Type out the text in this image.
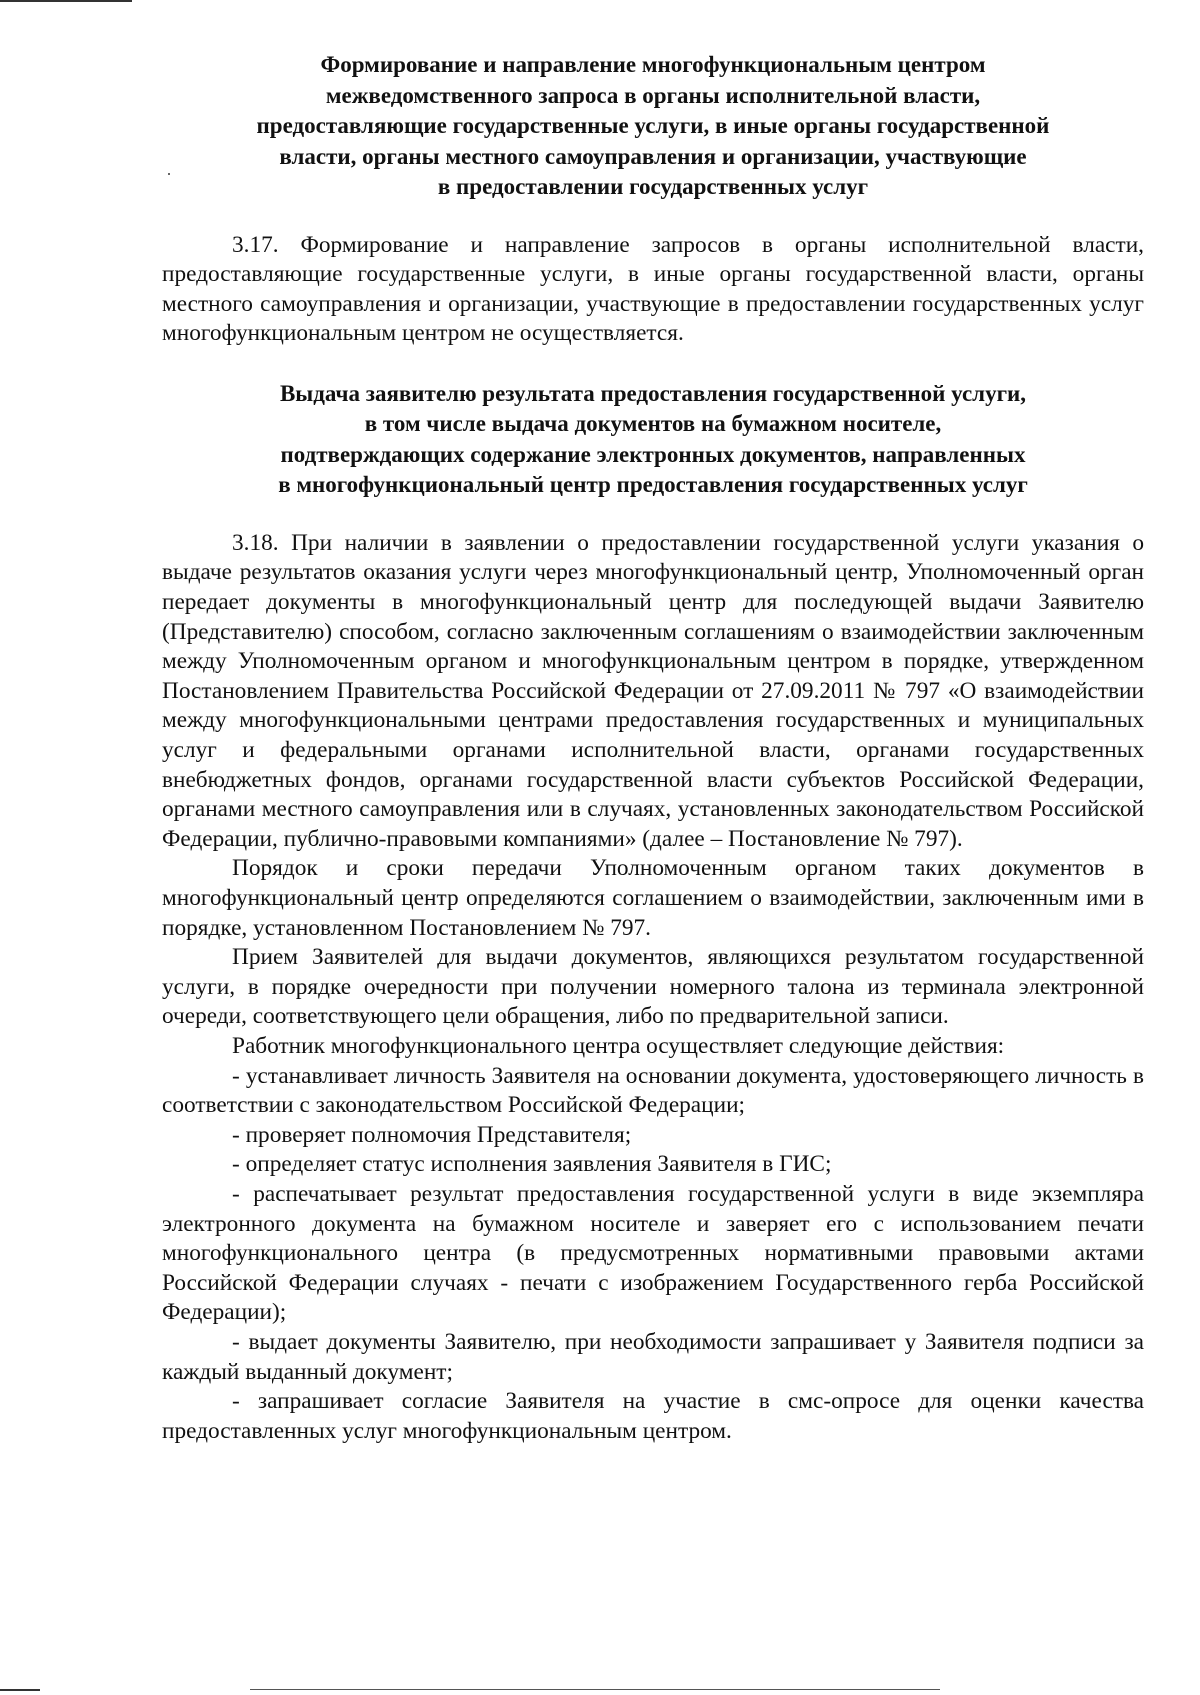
Формирование и направление многофункциональным центром
межведомственного запроса в органы исполнительной власти,
предоставляющие государственные услуги, в иные органы государственной
власти, органы местного самоуправления и организации, участвующие
в предоставлении государственных услуг

3.17. Формирование и направление запросов в органы исполнительной власти, предоставляющие государственные услуги, в иные органы государственной власти, органы местного самоуправления и организации, участвующие в предоставлении государственных услуг многофункциональным центром не осуществляется.

Выдача заявителю результата предоставления государственной услуги,
в том числе выдача документов на бумажном носителе,
подтверждающих содержание электронных документов, направленных
в многофункциональный центр предоставления государственных услуг

3.18. При наличии в заявлении о предоставлении государственной услуги указания о выдаче результатов оказания услуги через многофункциональный центр, Уполномоченный орган передает документы в многофункциональный центр для последующей выдачи Заявителю (Представителю) способом, согласно заключенным соглашениям о взаимодействии заключенным между Уполномоченным органом и многофункциональным центром в порядке, утвержденном Постановлением Правительства Российской Федерации от 27.09.2011 № 797 «О взаимодействии между многофункциональными центрами предоставления государственных и муниципальных услуг и федеральными органами исполнительной власти, органами государственных внебюджетных фондов, органами государственной власти субъектов Российской Федерации, органами местного самоуправления или в случаях, установленных законодательством Российской Федерации, публично-правовыми компаниями» (далее – Постановление № 797).

Порядок и сроки передачи Уполномоченным органом таких документов в многофункциональный центр определяются соглашением о взаимодействии, заключенным ими в порядке, установленном Постановлением № 797.

Прием Заявителей для выдачи документов, являющихся результатом государственной услуги, в порядке очередности при получении номерного талона из терминала электронной очереди, соответствующего цели обращения, либо по предварительной записи.

Работник многофункционального центра осуществляет следующие действия:

- устанавливает личность Заявителя на основании документа, удостоверяющего личность в соответствии с законодательством Российской Федерации;

- проверяет полномочия Представителя;

- определяет статус исполнения заявления Заявителя в ГИС;

- распечатывает результат предоставления государственной услуги в виде экземпляра электронного документа на бумажном носителе и заверяет его с использованием печати многофункционального центра (в предусмотренных нормативными правовыми актами Российской Федерации случаях - печати с изображением Государственного герба Российской Федерации);

- выдает документы Заявителю, при необходимости запрашивает у Заявителя подписи за каждый выданный документ;

- запрашивает согласие Заявителя на участие в смс-опросе для оценки качества предоставленных услуг многофункциональным центром.
